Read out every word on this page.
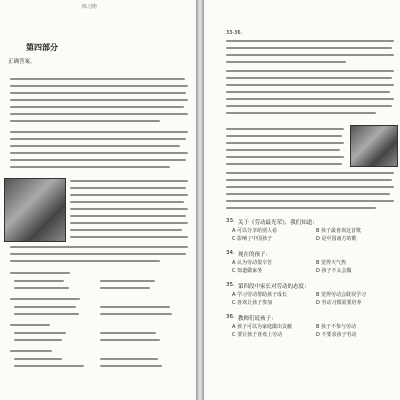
练习册
第四部分
正确答案。
33-36.
33. 关于《劳动最光荣》，我们知道：
A 可以分享给别人看	B 孩子最喜欢这首歌
C 影响了中国孩子	D 是中国南方的歌
34. 现在的孩子：
A 认为劳动很辛苦	B 觉得天气热
C 知道做家务	D 孩子不太会做
35. 第四段中家长对劳动的态度：
A 学习劳动帮助孩子成长	B 觉得劳动会耽误学习
C 喜欢让孩子参加	D 劳动习惯需要培养
36. 教师们说孩子：
A 孩子可以为家庭做出贡献	B 孩子不参与劳动
C 要让孩子喜欢上劳动	D 不要求孩子劳动
